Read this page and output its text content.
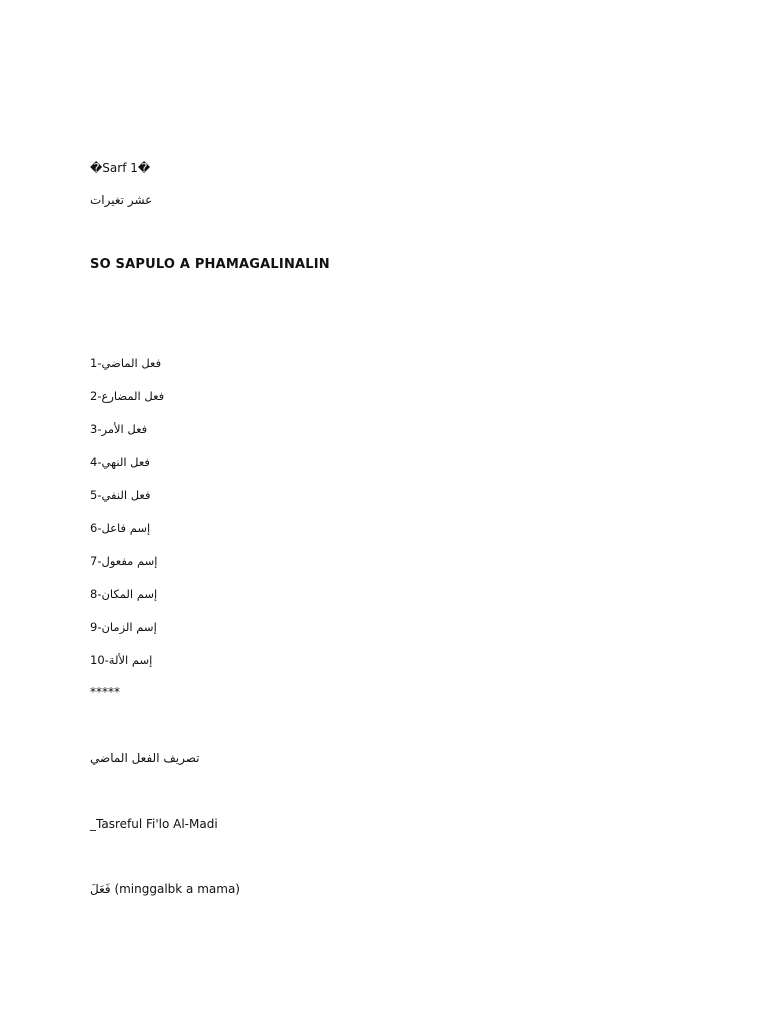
�Sarf 1�
عشر تغيرات
SO SAPULO A PHAMAGALINALIN
1-فعل الماضي
2-فعل المضارع
3-فعل الأمر
4-فعل النهي
5-فعل النفي
6-إسم فاعل
7-إسم مفعول
8-إسم المكان
9-إسم الزمان
10-إسم الألة
*****
تصريف الفعل الماضي
_Tasreful Fi'lo Al-Madi
فَعَلَ (minggalbk a mama)
